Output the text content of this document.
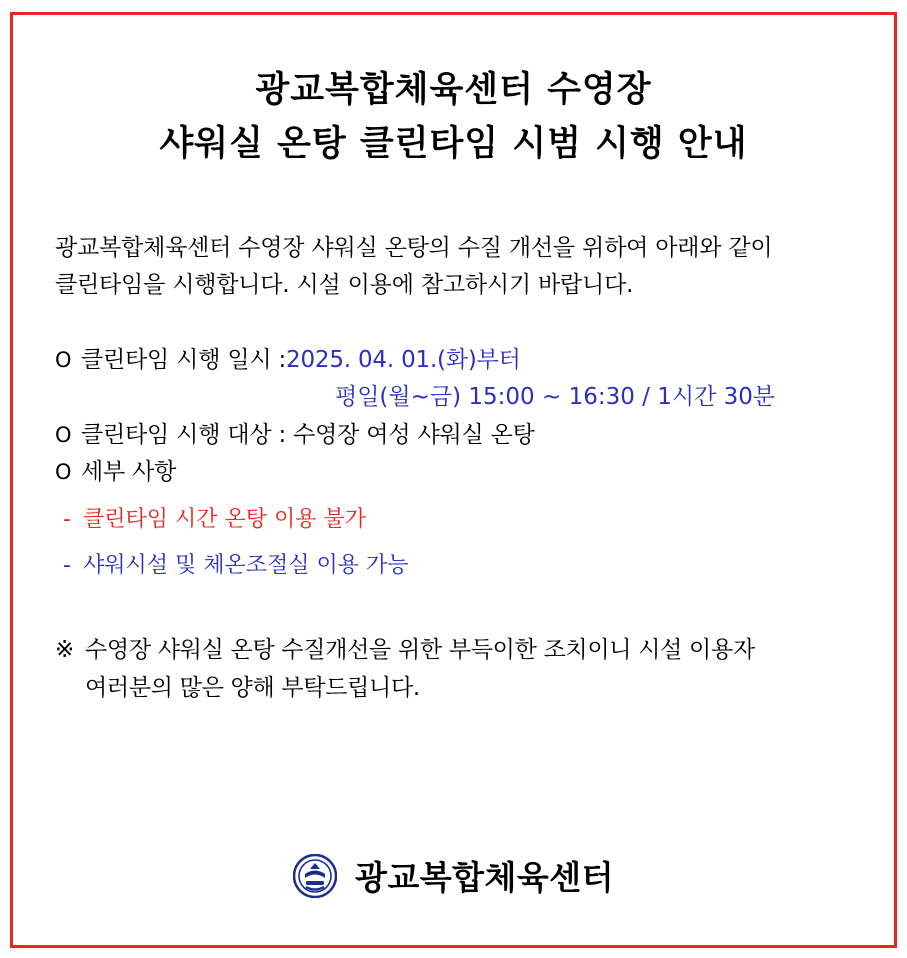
광교복합체육센터 수영장
샤워실 온탕 클린타임 시범 시행 안내
광교복합체육센터 수영장 샤워실 온탕의 수질 개선을 위하여 아래와 같이
클린타임을 시행합니다. 시설 이용에 참고하시기 바랍니다.
O 클린타임 시행 일시 : 2025. 04. 01.(화)부터
평일(월~금) 15:00 ~ 16:30 / 1시간 30분
O 클린타임 시행 대상 : 수영장 여성 샤워실 온탕
O 세부 사항
- 클린타임 시간 온탕 이용 불가
- 샤워시설 및 체온조절실 이용 가능
※ 수영장 샤워실 온탕 수질개선을 위한 부득이한 조치이니 시설 이용자
여러분의 많은 양해 부탁드립니다.
광교복합체육센터
